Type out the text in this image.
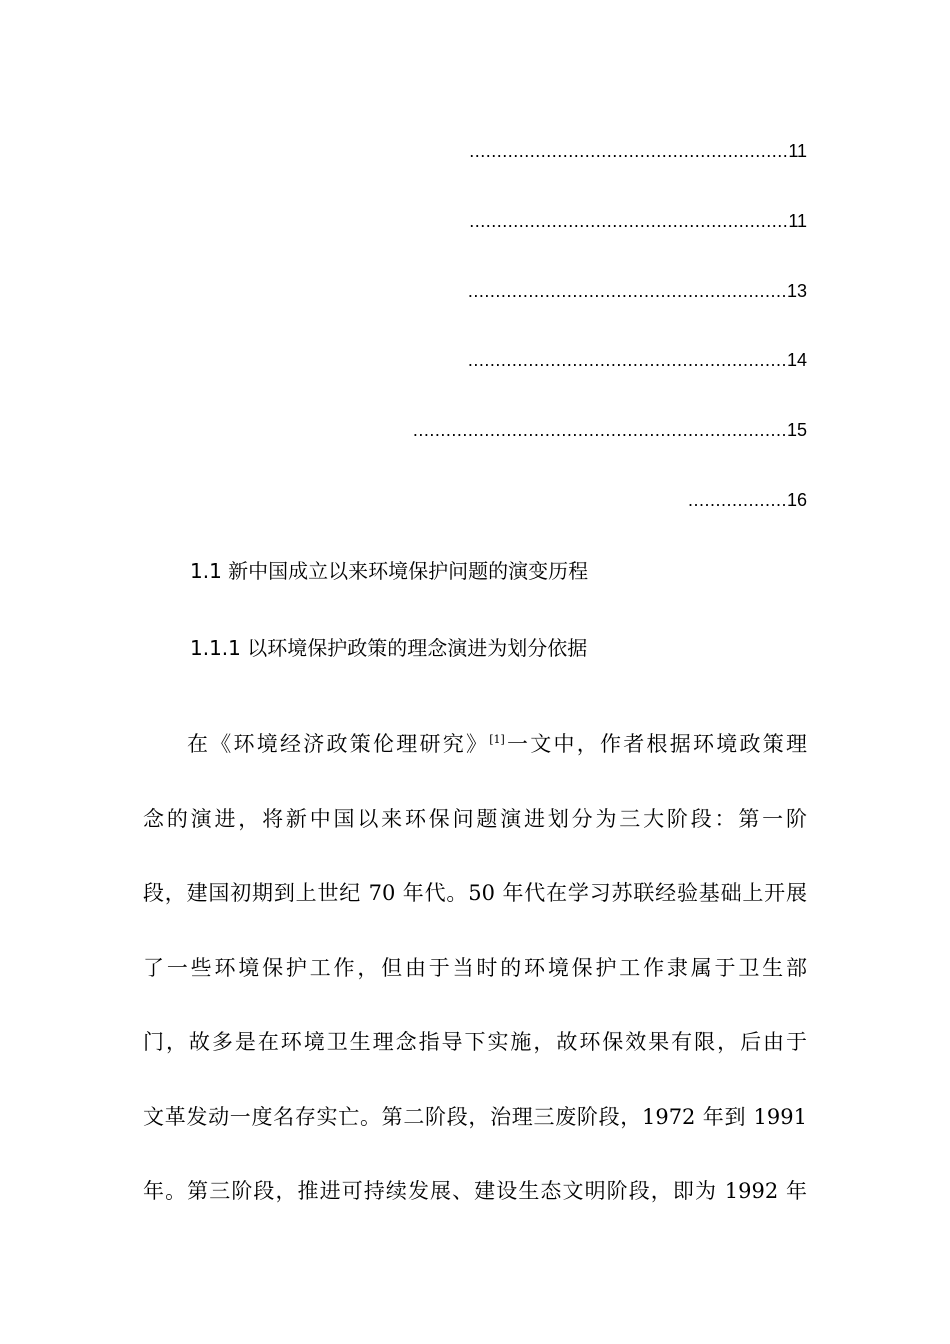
..........................................................11
..........................................................11
..........................................................13
..........................................................14
....................................................................15
..................16
1.1 新中国成立以来环境保护问题的演变历程
1.1.1 以环境保护政策的理念演进为划分依据
在《环境经济政策伦理研究》[1]一文中，作者根据环境政策理
念的演进，将新中国以来环保问题演进划分为三大阶段：第一阶
段，建国初期到上世纪 70 年代。50 年代在学习苏联经验基础上开展
了一些环境保护工作，但由于当时的环境保护工作隶属于卫生部
门，故多是在环境卫生理念指导下实施，故环保效果有限，后由于
文革发动一度名存实亡。第二阶段，治理三废阶段，1972 年到 1991
年。第三阶段，推进可持续发展、建设生态文明阶段，即为 1992 年
